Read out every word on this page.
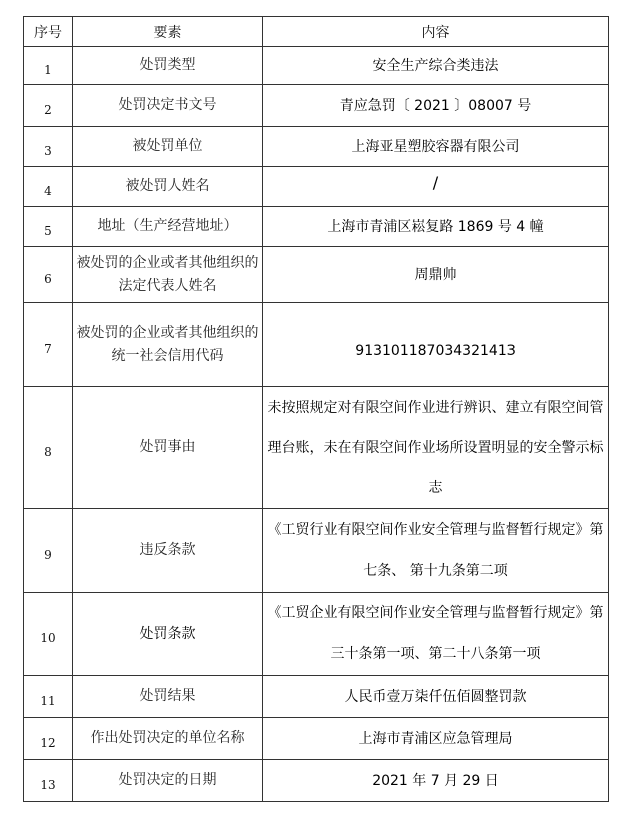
序号	要素	内容
1	处罚类型	安全生产综合类违法
2	处罚决定书文号	青应急罚〔 2021 〕08007 号
3	被处罚单位	上海亚星塑胶容器有限公司
4	被处罚人姓名	/
5	地址（生产经营地址）	上海市青浦区崧复路 1869 号 4 幢
6	被处罚的企业或者其他组织的法定代表人姓名	周鼎帅
7	被处罚的企业或者其他组织的统一社会信用代码	91310118703432141З
8	处罚事由	未按照规定对有限空间作业进行辨识、建立有限空间管理台账，未在有限空间作业场所设置明显的安全警示标志
9	违反条款	《工贸行业有限空间作业安全管理与监督暂行规定》第七条、 第十九条第二项
10	处罚条款	《工贸企业有限空间作业安全管理与监督暂行规定》第三十条第一项、第二十八条第一项
11	处罚结果	人民币壹万柒仟伍佰圆整罚款
12	作出处罚决定的单位名称	上海市青浦区应急管理局
13	处罚决定的日期	2021 年 7 月 29 日
